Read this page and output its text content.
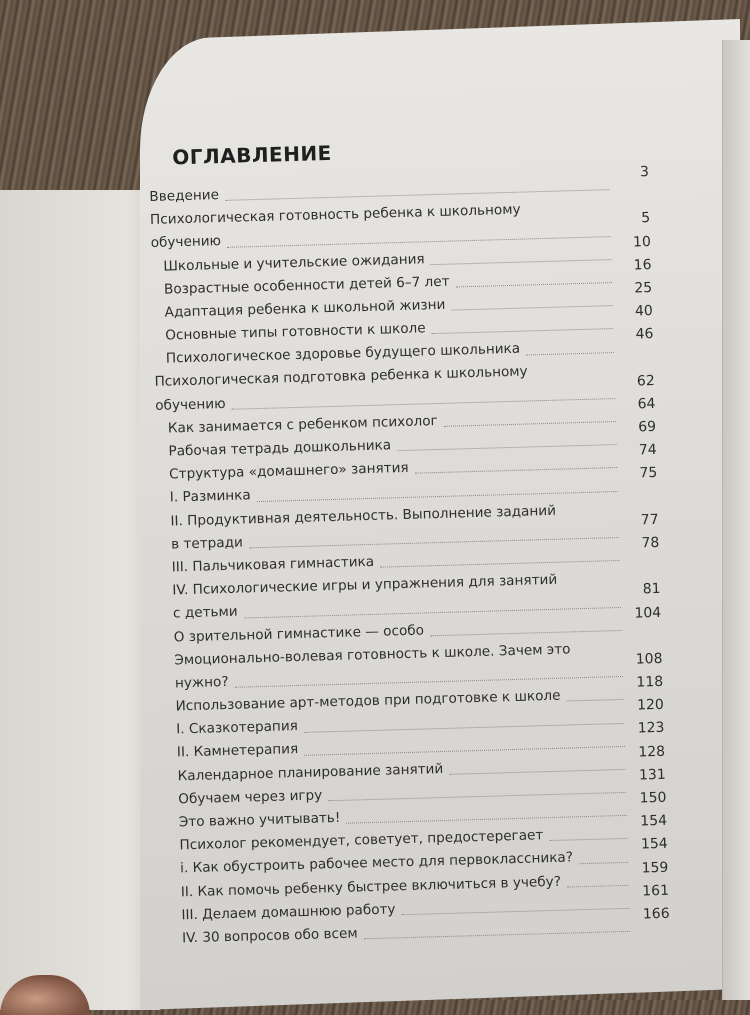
ОГЛАВЛЕНИЕ
Введение
3
Психологическая готовность ребенка к школьному
обучению
5
Школьные и учительские ожидания
10
Возрастные особенности детей 6–7 лет
16
Адаптация ребенка к школьной жизни
25
Основные типы готовности к школе
40
Психологическое здоровье будущего школьника
46
Психологическая подготовка ребенка к школьному
обучению
62
Как занимается с ребенком психолог
64
Рабочая тетрадь дошкольника
69
Структура «домашнего» занятия
74
I. Разминка
75
II. Продуктивная деятельность. Выполнение заданий
в тетради
77
III. Пальчиковая гимнастика
78
IV. Психологические игры и упражнения для занятий
с детьми
81
О зрительной гимнастике — особо
104
Эмоционально-волевая готовность к школе. Зачем это
нужно?
108
Использование арт-методов при подготовке к школе
118
I. Сказкотерапия
120
II. Камнетерапия
123
Календарное планирование занятий
128
Обучаем через игру
131
Это важно учитывать!
150
Психолог рекомендует, советует, предостерегает
154
i. Как обустроить рабочее место для первоклассника?
154
II. Как помочь ребенку быстрее включиться в учебу?
159
III. Делаем домашнюю работу
161
IV. 30 вопросов обо всем
166
